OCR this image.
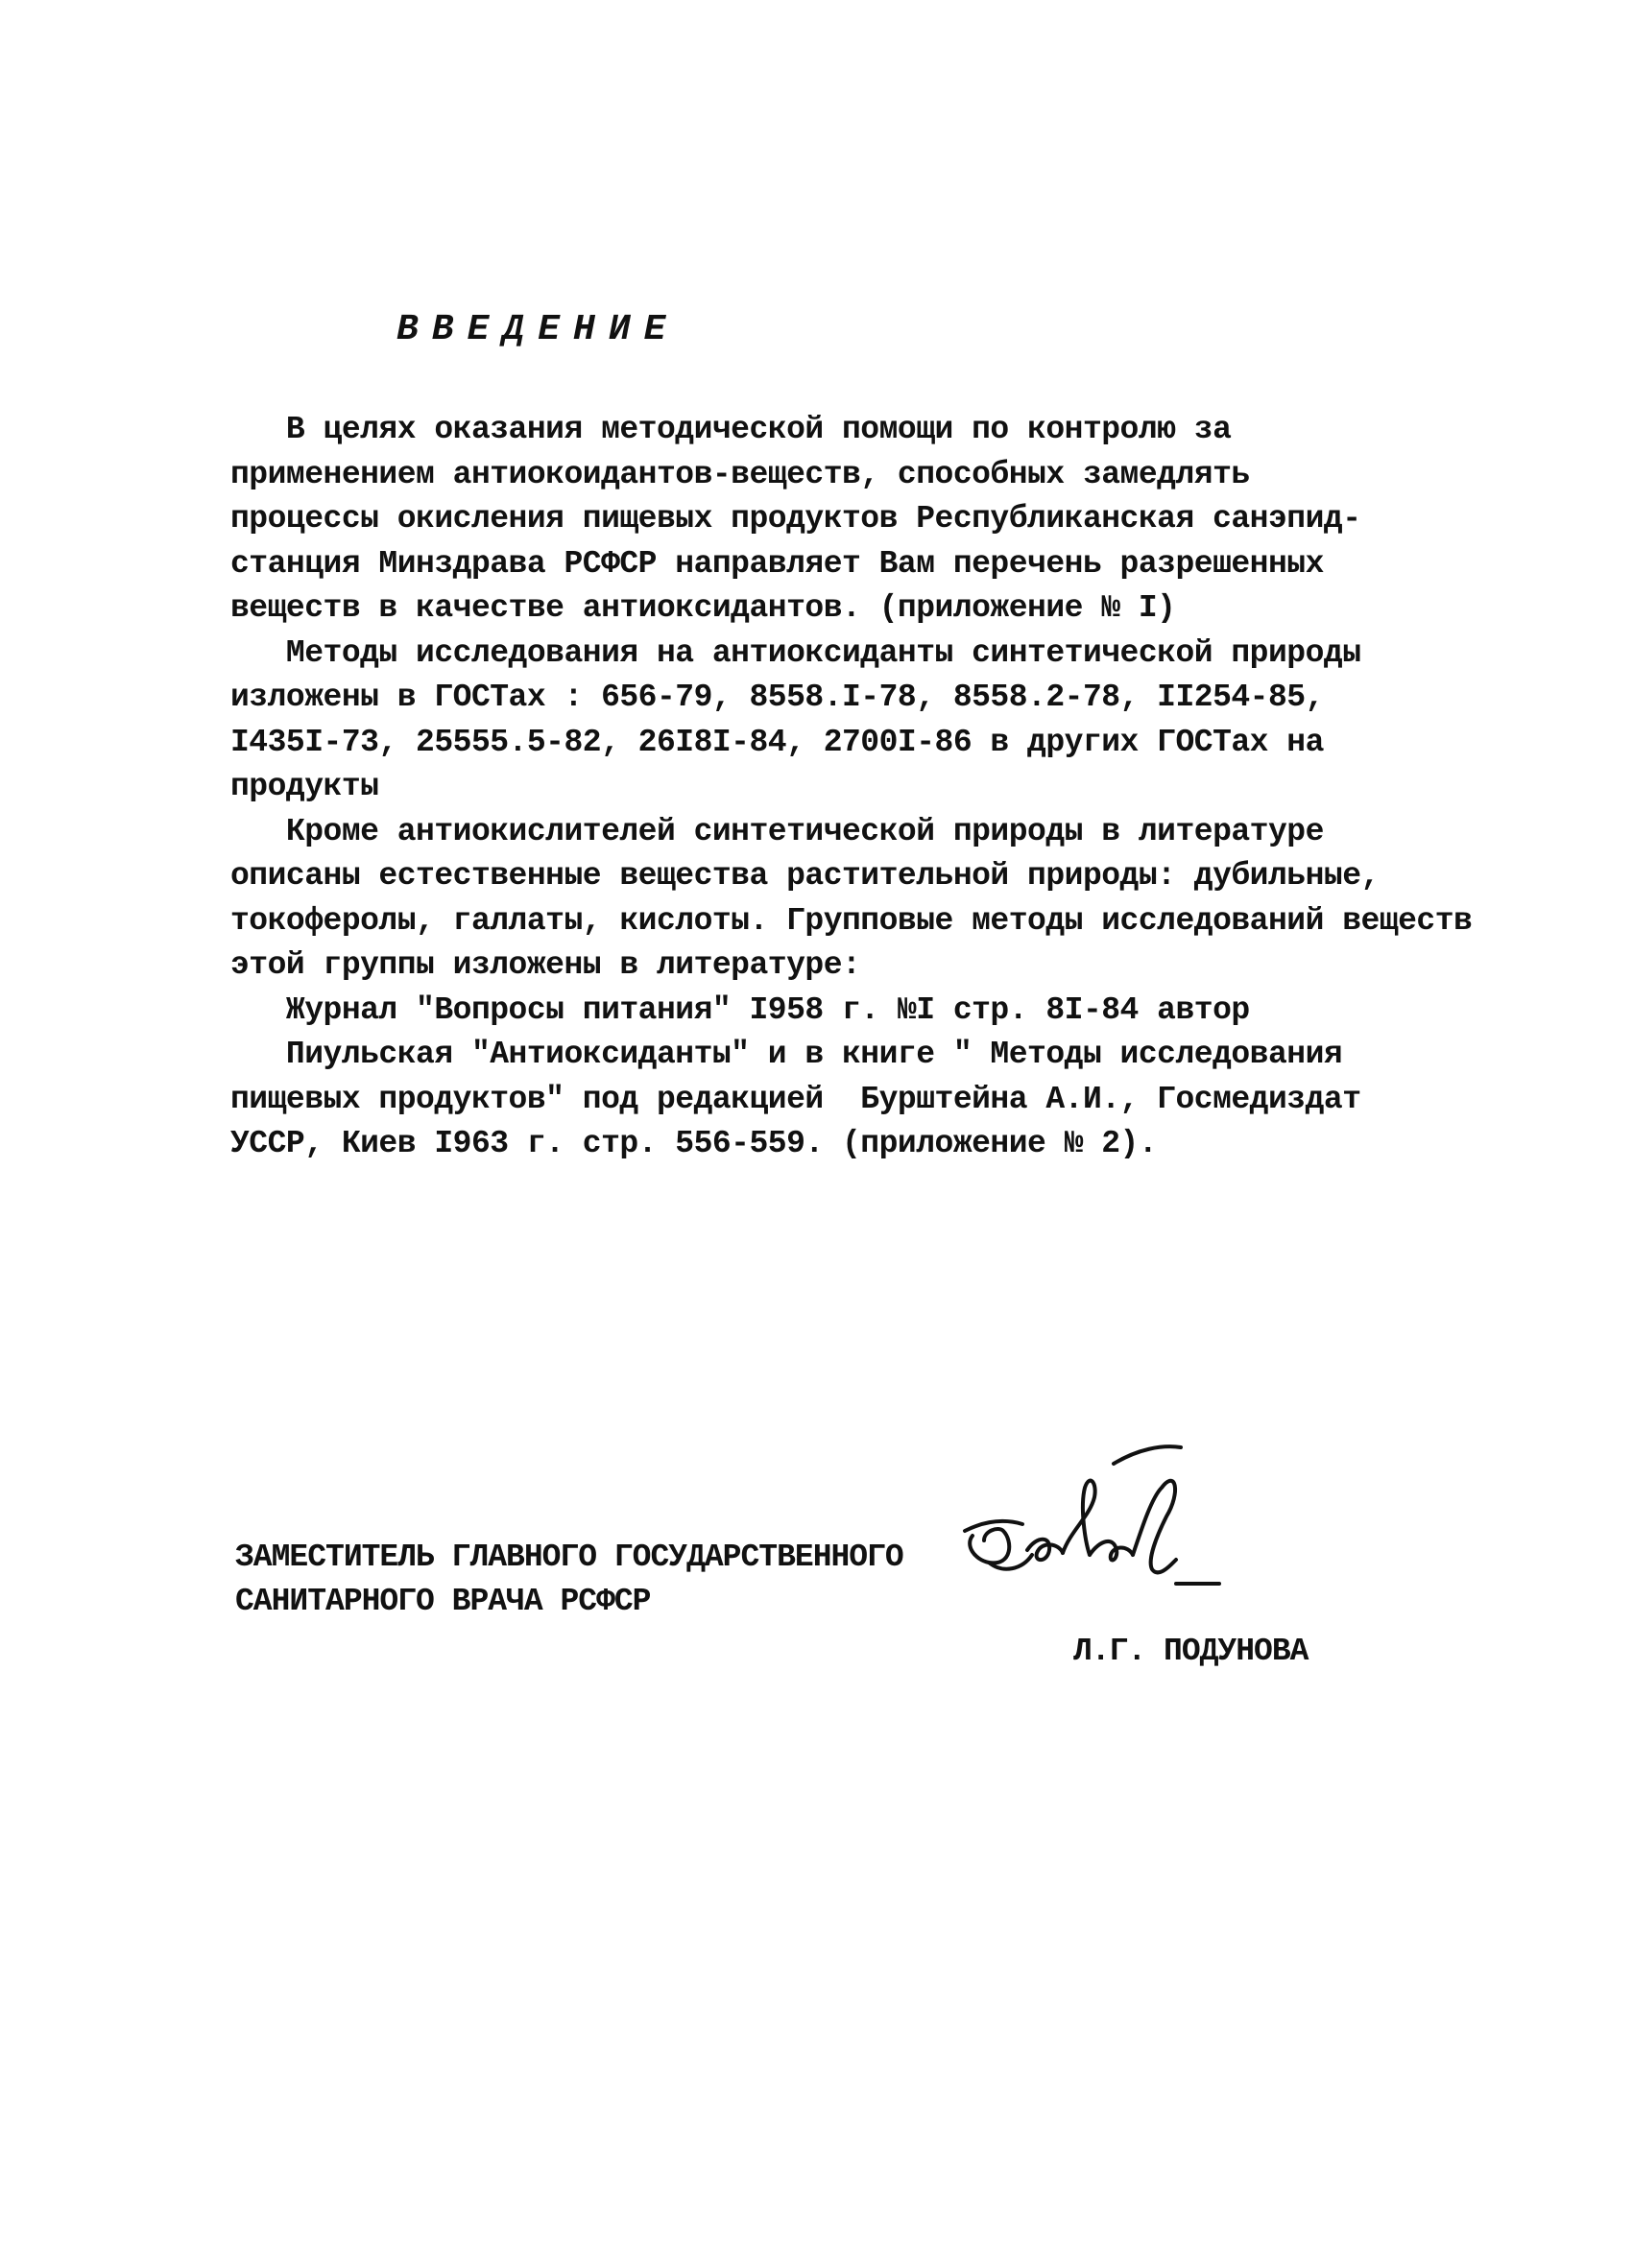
ВВЕДЕНИЕ
В целях оказания методической помощи по контролю за
применением антиокоидантов-веществ, способных замедлять
процессы окисления пищевых продуктов Республиканская санэпид-
станция Минздрава РСФСР направляет Вам перечень разрешенных
веществ в качестве антиоксидантов. (приложение № I)
Методы исследования на антиоксиданты синтетической природы
изложены в ГОСТах : 656-79, 8558.I-78, 8558.2-78, II254-85,
I435I-73, 25555.5-82, 26I8I-84, 2700I-86 в других ГОСТах на
продукты
Кроме антиокислителей синтетической природы в литературе
описаны естественные вещества растительной природы: дубильные,
токоферолы, галлаты, кислоты. Групповые методы исследований веществ
этой группы изложены в литературе:
Журнал "Вопросы питания" I958 г. №I стр. 8I-84 автор
Пиульская "Антиоксиданты" и в книге " Методы исследования
пищевых продуктов" под редакцией  Бурштейна А.И., Госмедиздат
УССР, Киев I963 г. стр. 556-559. (приложение № 2).
ЗАМЕСТИТЕЛЬ ГЛАВНОГО ГОСУДАРСТВЕННОГО
САНИТАРНОГО ВРАЧА РСФСР
Л.Г. ПОДУНОВА
